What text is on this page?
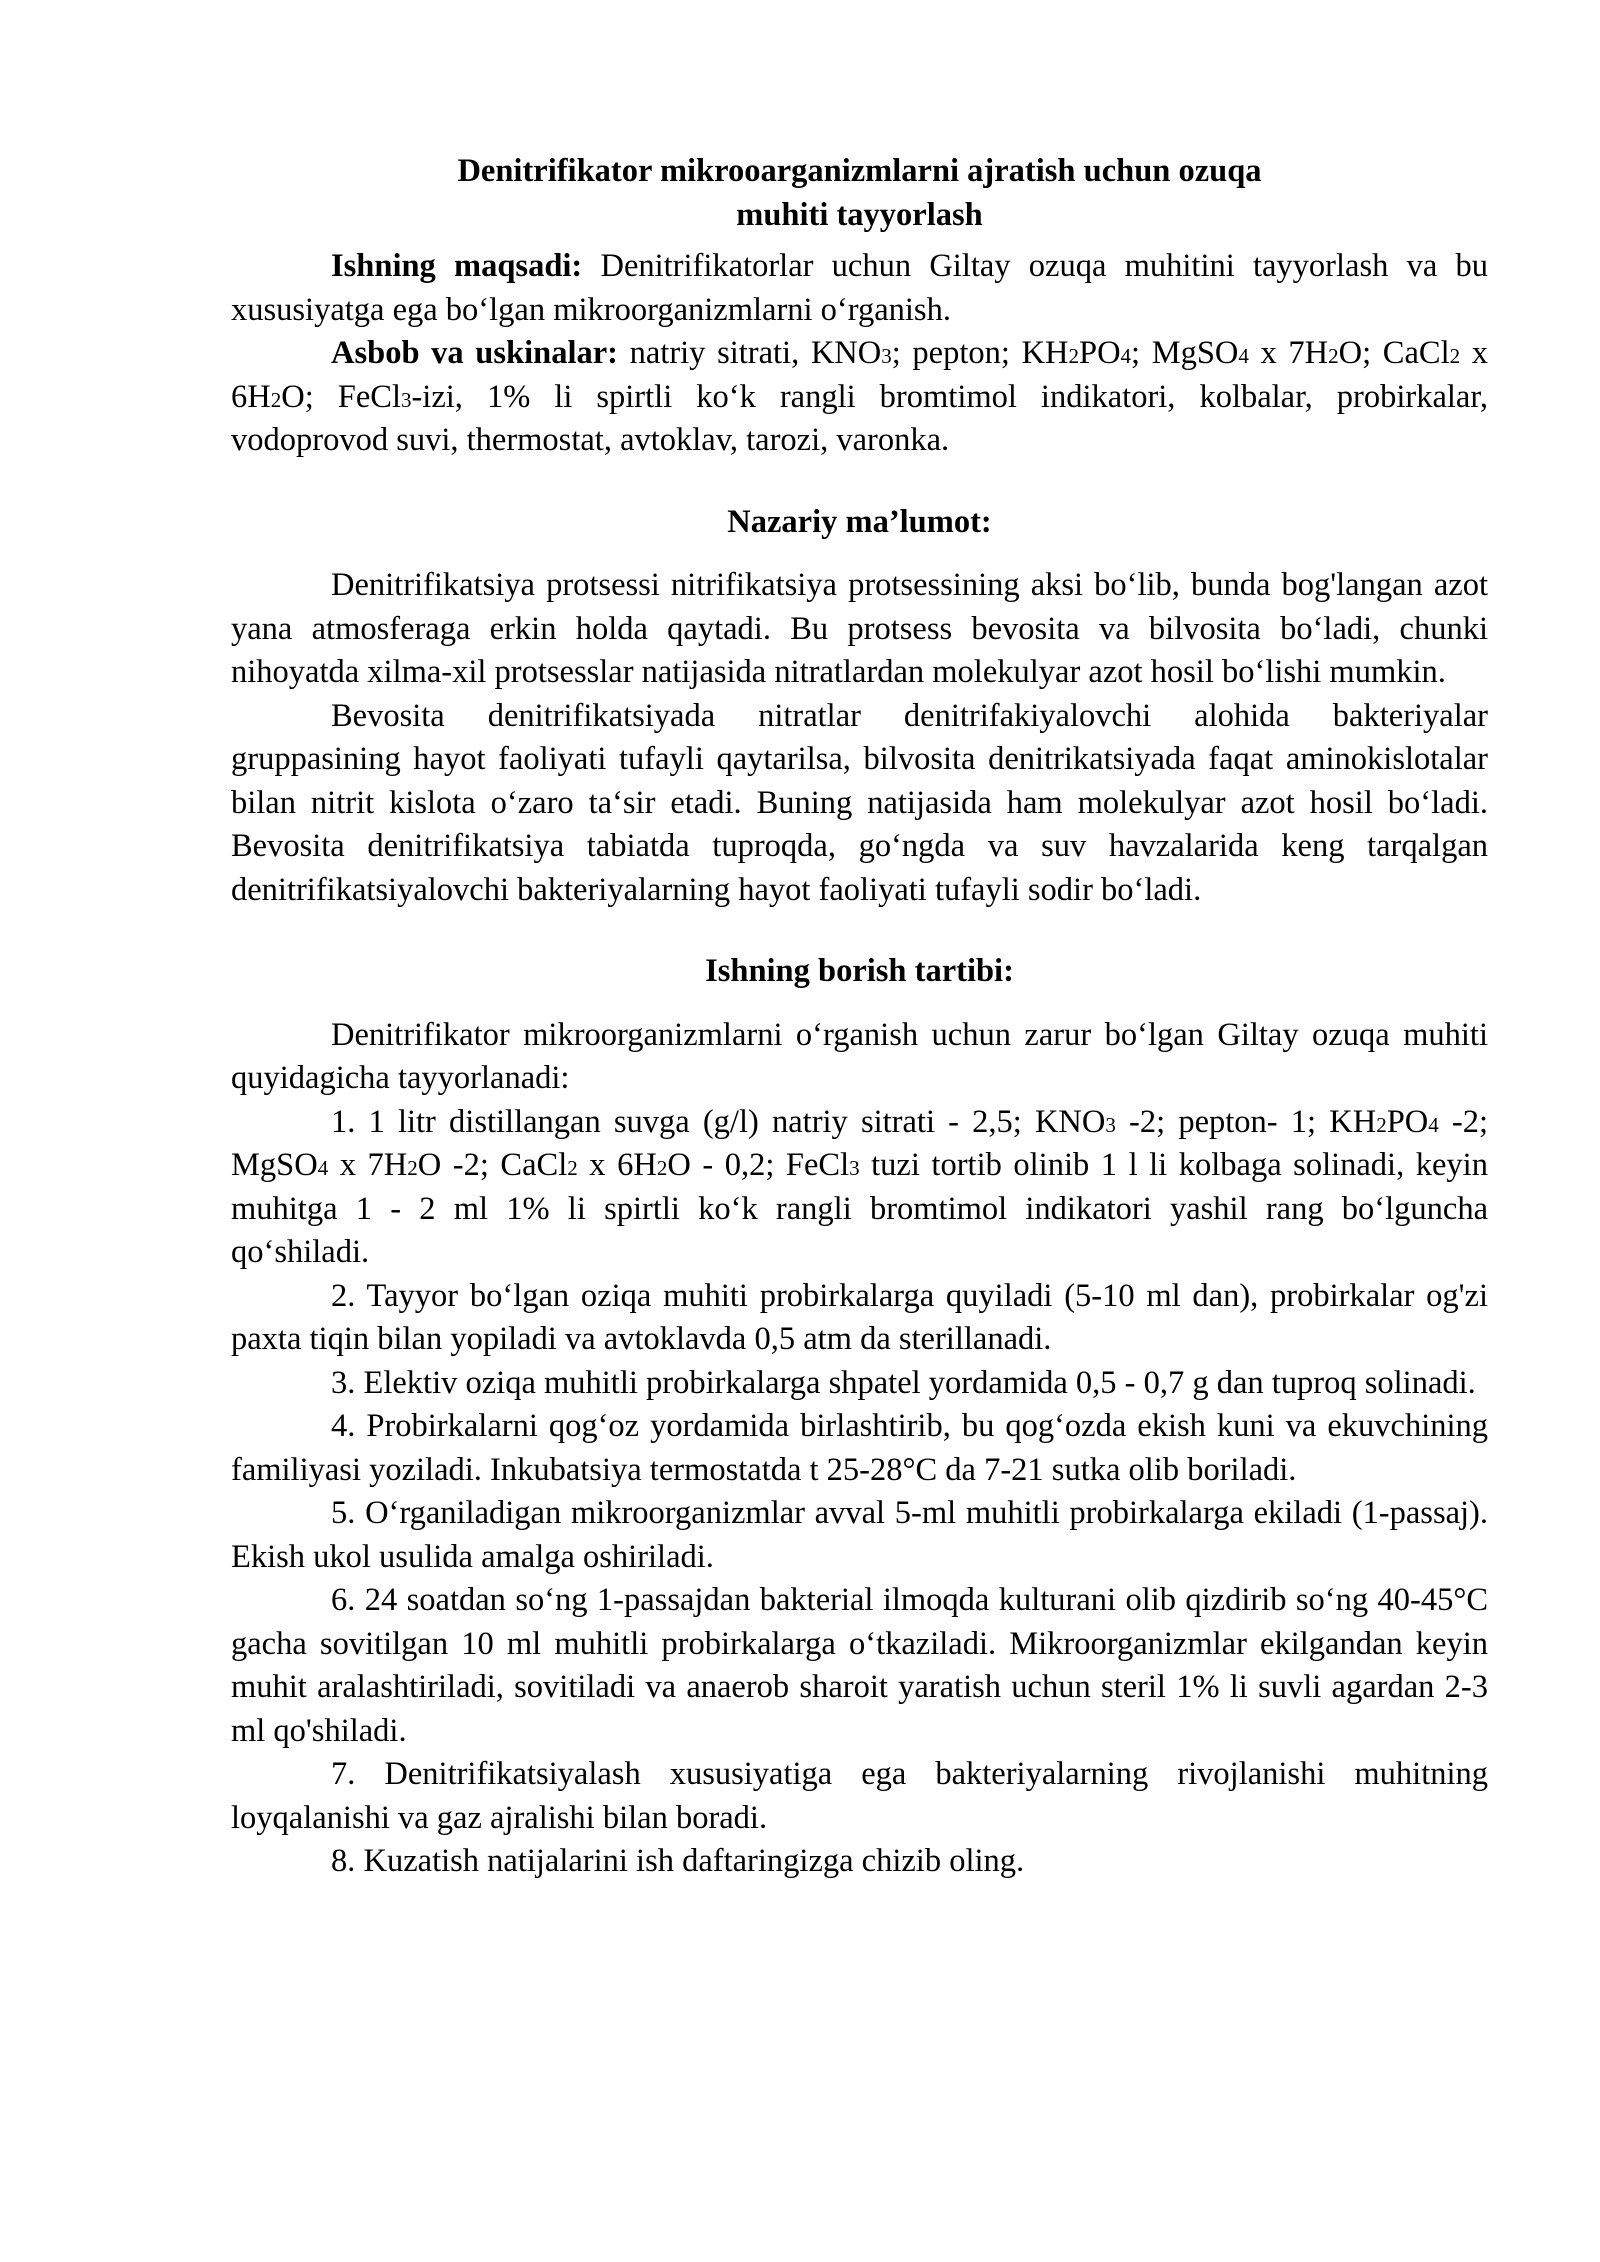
Denitrifikator mikrooarganizmlarni ajratish uchun ozuqa
muhiti tayyorlash

Ishning maqsadi: Denitrifikatorlar uchun Giltay ozuqa muhitini tayyorlash va bu xususiyatga ega bo‘lgan mikroorganizmlarni o‘rganish.

Asbob va uskinalar: natriy sitrati, KNO3; pepton; KH2PO4; MgSO4 x 7H2O; CaCl2 x 6H2O; FeCl3-izi, 1% li spirtli ko‘k rangli bromtimol indikatori, kolbalar, probirkalar, vodoprovod suvi, thermostat, avtoklav, tarozi, varonka.

Nazariy ma’lumot:

Denitrifikatsiya protsessi nitrifikatsiya protsessining aksi bo‘lib, bunda bog'langan azot yana atmosferaga erkin holda qaytadi. Bu protsess bevosita va bilvosita bo‘ladi, chunki nihoyatda xilma-xil protsesslar natijasida nitratlardan molekulyar azot hosil bo‘lishi mumkin.

Bevosita denitrifikatsiyada nitratlar denitrifakiyalovchi alohida bakteriyalar gruppasining hayot faoliyati tufayli qaytarilsa, bilvosita denitrikatsiyada faqat aminokislotalar bilan nitrit kislota o‘zaro ta‘sir etadi. Buning natijasida ham molekulyar azot hosil bo‘ladi. Bevosita denitrifikatsiya tabiatda tuproqda, go‘ngda va suv havzalarida keng tarqalgan denitrifikatsiyalovchi bakteriyalarning hayot faoliyati tufayli sodir bo‘ladi.

Ishning borish tartibi:

Denitrifikator mikroorganizmlarni o‘rganish uchun zarur bo‘lgan Giltay ozuqa muhiti quyidagicha tayyorlanadi:

1. 1 litr distillangan suvga (g/l) natriy sitrati - 2,5; KNO3 -2; pepton- 1; KH2PO4 -2; MgSO4 x 7H2O -2; CaCl2 x 6H2O - 0,2; FeCl3 tuzi tortib olinib 1 l li kolbaga solinadi, keyin muhitga 1 - 2 ml 1% li spirtli ko‘k rangli bromtimol indikatori yashil rang bo‘lguncha qo‘shiladi.

2. Tayyor bo‘lgan oziqa muhiti probirkalarga quyiladi (5-10 ml dan), probirkalar og'zi paxta tiqin bilan yopiladi va avtoklavda 0,5 atm da sterillanadi.

3. Elektiv oziqa muhitli probirkalarga shpatel yordamida 0,5 - 0,7 g dan tuproq solinadi.

4. Probirkalarni qog‘oz yordamida birlashtirib, bu qog‘ozda ekish kuni va ekuvchining familiyasi yoziladi. Inkubatsiya termostatda t 25-28°C da 7-21 sutka olib boriladi.

5. O‘rganiladigan mikroorganizmlar avval 5-ml muhitli probirkalarga ekiladi (1-passaj). Ekish ukol usulida amalga oshiriladi.

6. 24 soatdan so‘ng 1-passajdan bakterial ilmoqda kulturani olib qizdirib so‘ng 40-45°C gacha sovitilgan 10 ml muhitli probirkalarga o‘tkaziladi. Mikroorganizmlar ekilgandan keyin muhit aralashtiriladi, sovitiladi va anaerob sharoit yaratish uchun steril 1% li suvli agardan 2-3 ml qo'shiladi.

7. Denitrifikatsiyalash xususiyatiga ega bakteriyalarning rivojlanishi muhitning loyqalanishi va gaz ajralishi bilan boradi.

8. Kuzatish natijalarini ish daftaringizga chizib oling.
